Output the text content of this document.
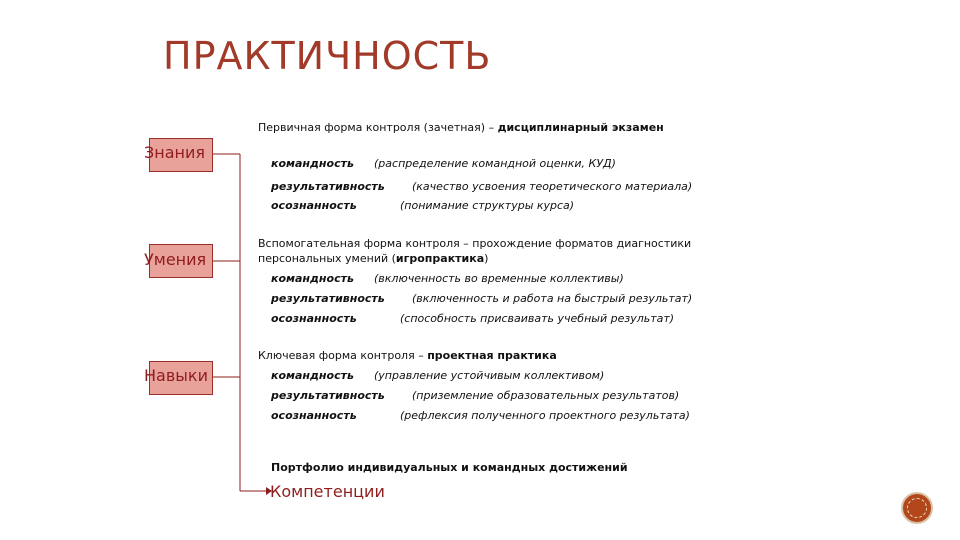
ПРАКТИЧНОСТЬ
Знания
Умения
Навыки
Первичная форма контроля (зачетная) – дисциплинарный экзамен
командность (распределение командной оценки, КУД)
результативность (качество усвоения теоретического материала)
осознанность	(понимание структуры курса)
Вспомогательная форма контроля – прохождение форматов диагностики
персональных умений (игропрактика)
командность (включенность во временные коллективы)
результативность (включенность и работа на быстрый результат)
осознанность	(способность присваивать учебный результат)
Ключевая форма контроля – проектная практика
командность (управление устойчивым коллективом)
результативность (приземление образовательных результатов)
осознанность	(рефлексия полученного проектного результата)
Портфолио индивидуальных и командных достижений
Компетенции
